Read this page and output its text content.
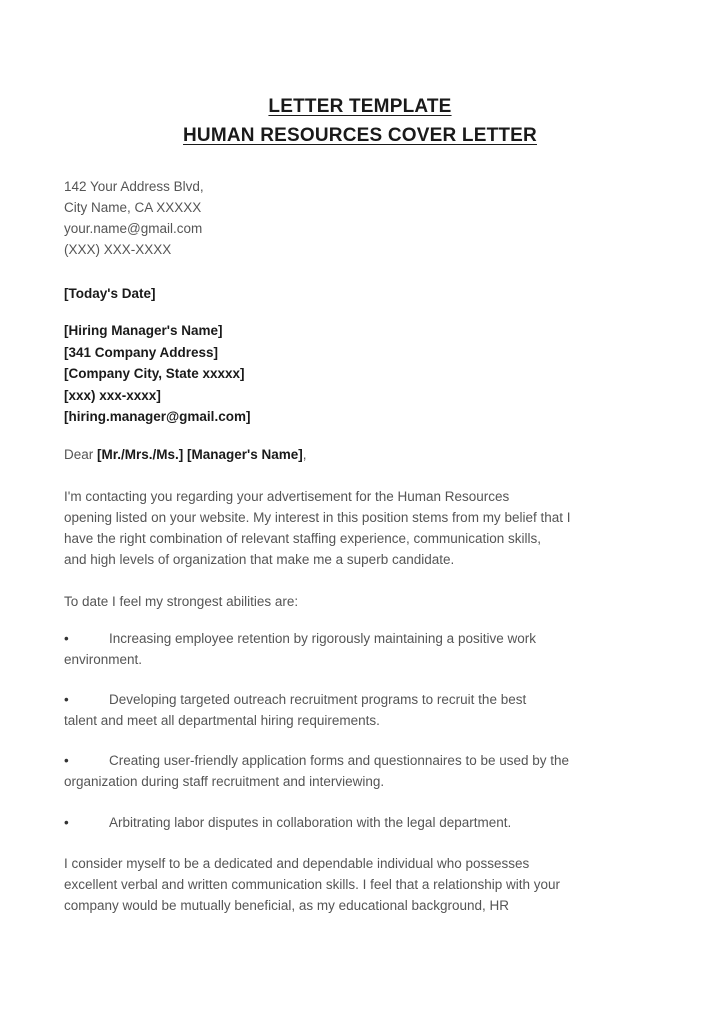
LETTER TEMPLATE
HUMAN RESOURCES COVER LETTER
142 Your Address Blvd,
City Name, CA XXXXX
your.name@gmail.com
(XXX) XXX-XXXX
[Today's Date]
[Hiring Manager's Name]
[341 Company Address]
[Company City, State xxxxx]
[xxx) xxx-xxxx]
[hiring.manager@gmail.com]
Dear [Mr./Mrs./Ms.] [Manager's Name],
I'm contacting you regarding your advertisement for the Human Resources
opening listed on your website. My interest in this position stems from my belief that I
have the right combination of relevant staffing experience, communication skills,
and high levels of organization that make me a superb candidate.
To date I feel my strongest abilities are:
•	Increasing employee retention by rigorously maintaining a positive work
environment.
•	Developing targeted outreach recruitment programs to recruit the best
talent and meet all departmental hiring requirements.
•	Creating user-friendly application forms and questionnaires to be used by the
organization during staff recruitment and interviewing.
•	Arbitrating labor disputes in collaboration with the legal department.
I consider myself to be a dedicated and dependable individual who possesses
excellent verbal and written communication skills. I feel that a relationship with your
company would be mutually beneficial, as my educational background, HR
